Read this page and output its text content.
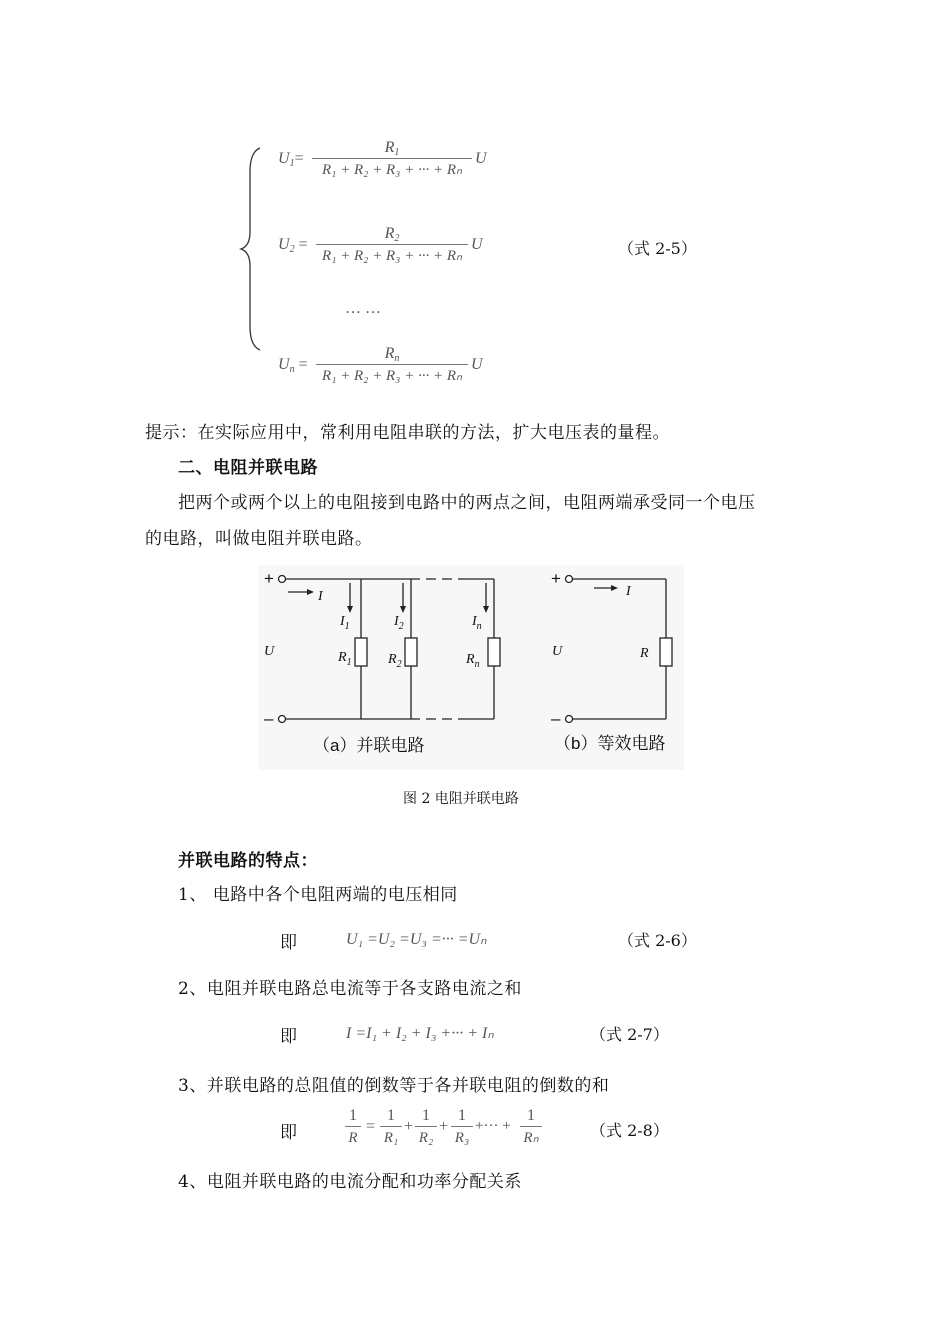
$U_1=$
$R_1$
R₁ + R₂ + R₃ + ··· + Rₙ
U
$U_2$ =
$R_2$
R₁ + R₂ + R₃ + ··· + Rₙ
U	（式 2-5）
… …
$U_n$ =
$R_n$
R₁ + R₂ + R₃ + ··· + Rₙ
U
提示：在实际应用中，常利用电阻串联的方法，扩大电压表的量程。
二、电阻并联电路
把两个或两个以上的电阻接到电路中的两点之间，电阻两端承受同一个电压
的电路，叫做电阻并联电路。
+
–
I
$I_1$	$I_2$	$I_n$
U	$R_1$	$R_2$	$R_n$
（a）并联电路
+
–
I
U	R
（b）等效电路
图 2 电阻并联电路
并联电路的特点：
1、 电路中各个电阻两端的电压相同
即	U₁ =U₂ =U₃ =··· =Uₙ	（式 2-6）
2、电阻并联电路总电流等于各支路电流之和
即	I =I₁ + I₂ + I₃ +··· + Iₙ	（式 2-7）
3、并联电路的总阻值的倒数等于各并联电阻的倒数的和
即
1
R
=
1
R₁
+
1
R₂
+
1
R₃
+··· +
1
Rₙ	（式 2-8）
4、电阻并联电路的电流分配和功率分配关系
